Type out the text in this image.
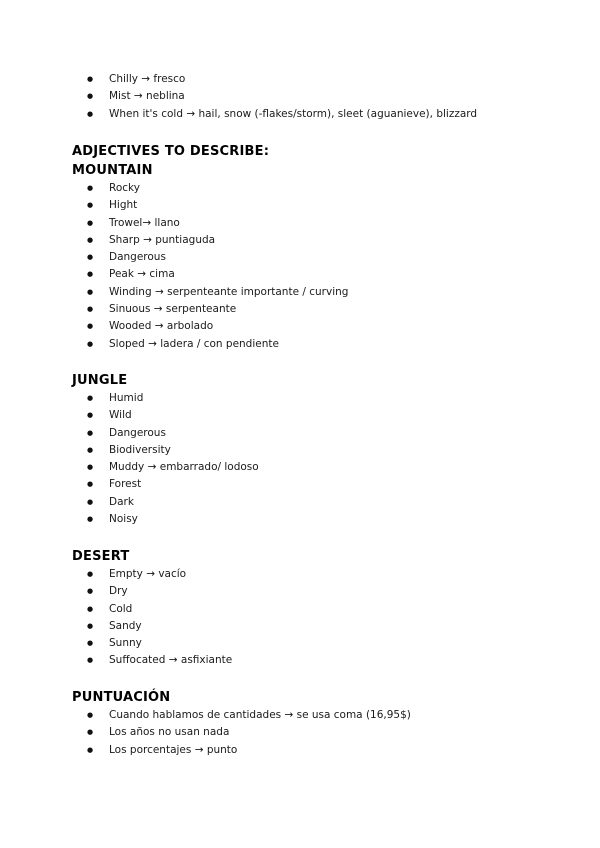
● Chilly → fresco
● Mist → neblina
● When it's cold → hail, snow (-flakes/storm), sleet (aguanieve), blizzard
ADJECTIVES TO DESCRIBE:
MOUNTAIN
● Rocky
● Hight
● Trowel→ llano
● Sharp → puntiaguda
● Dangerous
● Peak → cima
● Winding → serpenteante importante / curving
● Sinuous → serpenteante
● Wooded → arbolado
● Sloped → ladera / con pendiente
JUNGLE
● Humid
● Wild
● Dangerous
● Biodiversity
● Muddy → embarrado/ lodoso
● Forest
● Dark
● Noisy
DESERT
● Empty → vacío
● Dry
● Cold
● Sandy
● Sunny
● Suffocated → asfixiante
PUNTUACIÓN
● Cuando hablamos de cantidades → se usa coma (16,95$)
● Los años no usan nada
● Los porcentajes → punto
